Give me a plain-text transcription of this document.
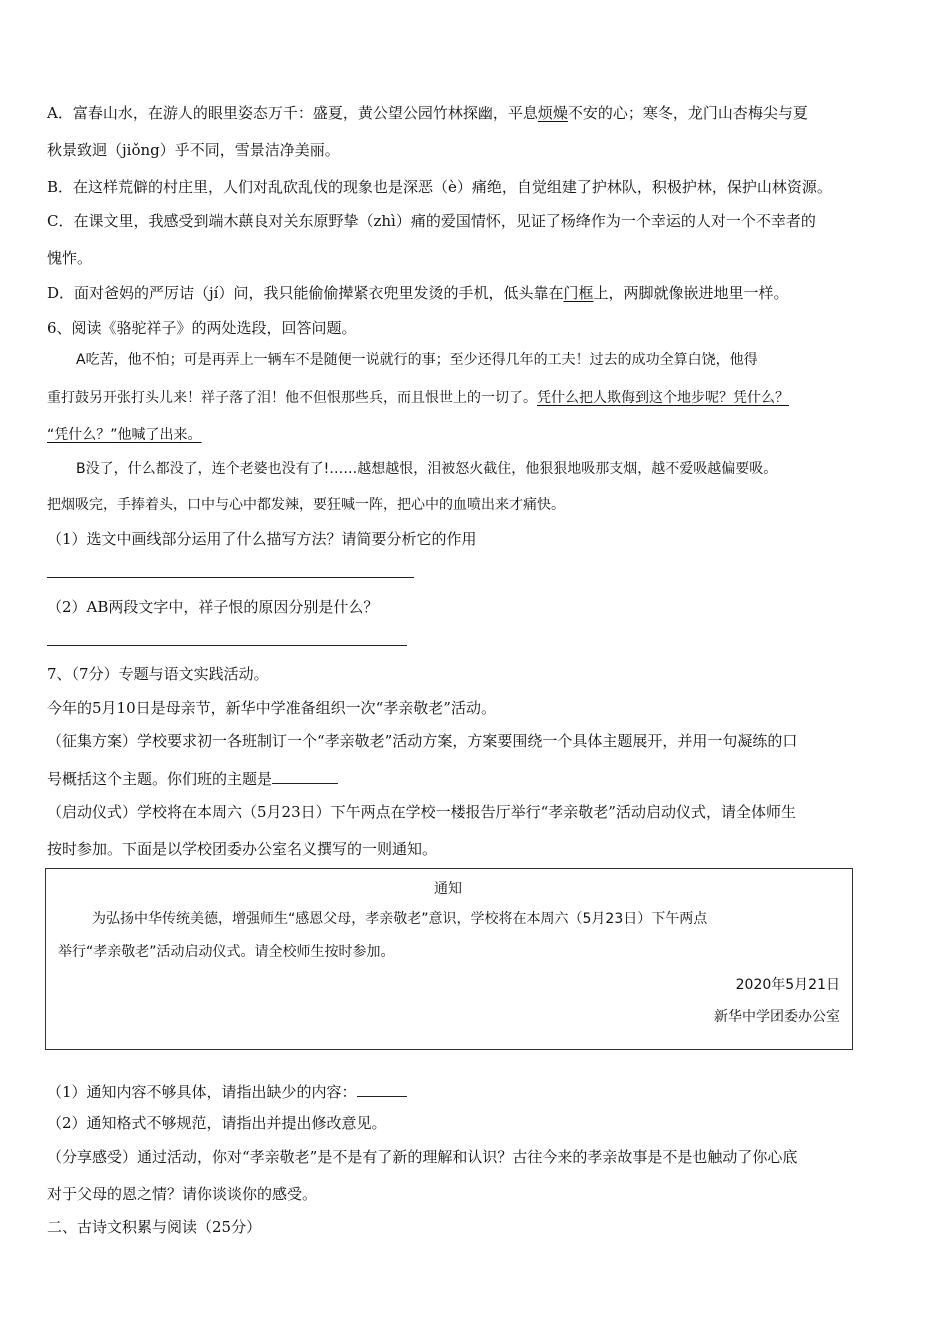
A．富春山水，在游人的眼里姿态万千：盛夏，黄公望公园竹林探幽，平息烦燥不安的心；寒冬，龙门山杏梅尖与夏
秋景致迥（jiǒng）乎不同，雪景洁净美丽。
B．在这样荒僻的村庄里，人们对乱砍乱伐的现象也是深恶（è）痛绝，自觉组建了护林队，积极护林，保护山林资源。
C．在课文里，我感受到端木蕻良对关东原野挚（zhì）痛的爱国情怀，见证了杨绛作为一个幸运的人对一个不幸者的
愧怍。
D．面对爸妈的严厉诘（jí）问，我只能偷偷撵紧衣兜里发烫的手机，低头靠在门框上，两脚就像嵌进地里一样。
6、阅读《骆驼祥子》的两处选段，回答问题。
A吃苦，他不怕；可是再弄上一辆车不是随便一说就行的事；至少还得几年的工夫！过去的成功全算白饶，他得
重打鼓另开张打头儿来！祥子落了泪！他不但恨那些兵，而且恨世上的一切了。凭什么把人欺侮到这个地步呢？凭什么？
“凭什么？”他喊了出来。
B没了，什么都没了，连个老婆也没有了!……越想越恨，泪被怒火截住，他狠狠地吸那支烟，越不爱吸越偏要吸。
把烟吸完，手捧着头，口中与心中都发辣，要狂喊一阵，把心中的血喷出来才痛快。
（1）选文中画线部分运用了什么描写方法？请简要分析它的作用
（2）AB两段文字中，祥子恨的原因分别是什么？
7、（7分）专题与语文实践活动。
今年的5月10日是母亲节，新华中学准备组织一次“孝亲敬老”活动。
（征集方案）学校要求初一各班制订一个“孝亲敬老”活动方案，方案要围绕一个具体主题展开，并用一句凝练的口
号概括这个主题。你们班的主题是
（启动仪式）学校将在本周六（5月23日）下午两点在学校一楼报告厅举行“孝亲敬老”活动启动仪式，请全体师生
按时参加。下面是以学校团委办公室名义撰写的一则通知。
通知
为弘扬中华传统美德，增强师生“感恩父母，孝亲敬老”意识，学校将在本周六（5月23日）下午两点
举行“孝亲敬老”活动启动仪式。请全校师生按时参加。
2020年5月21日
新华中学团委办公室
（1）通知内容不够具体，请指出缺少的内容：
（2）通知格式不够规范，请指出并提出修改意见。
（分享感受）通过活动，你对“孝亲敬老”是不是有了新的理解和认识？古往今来的孝亲故事是不是也触动了你心底
对于父母的恩之情？请你谈谈你的感受。
二、古诗文积累与阅读（25分）
